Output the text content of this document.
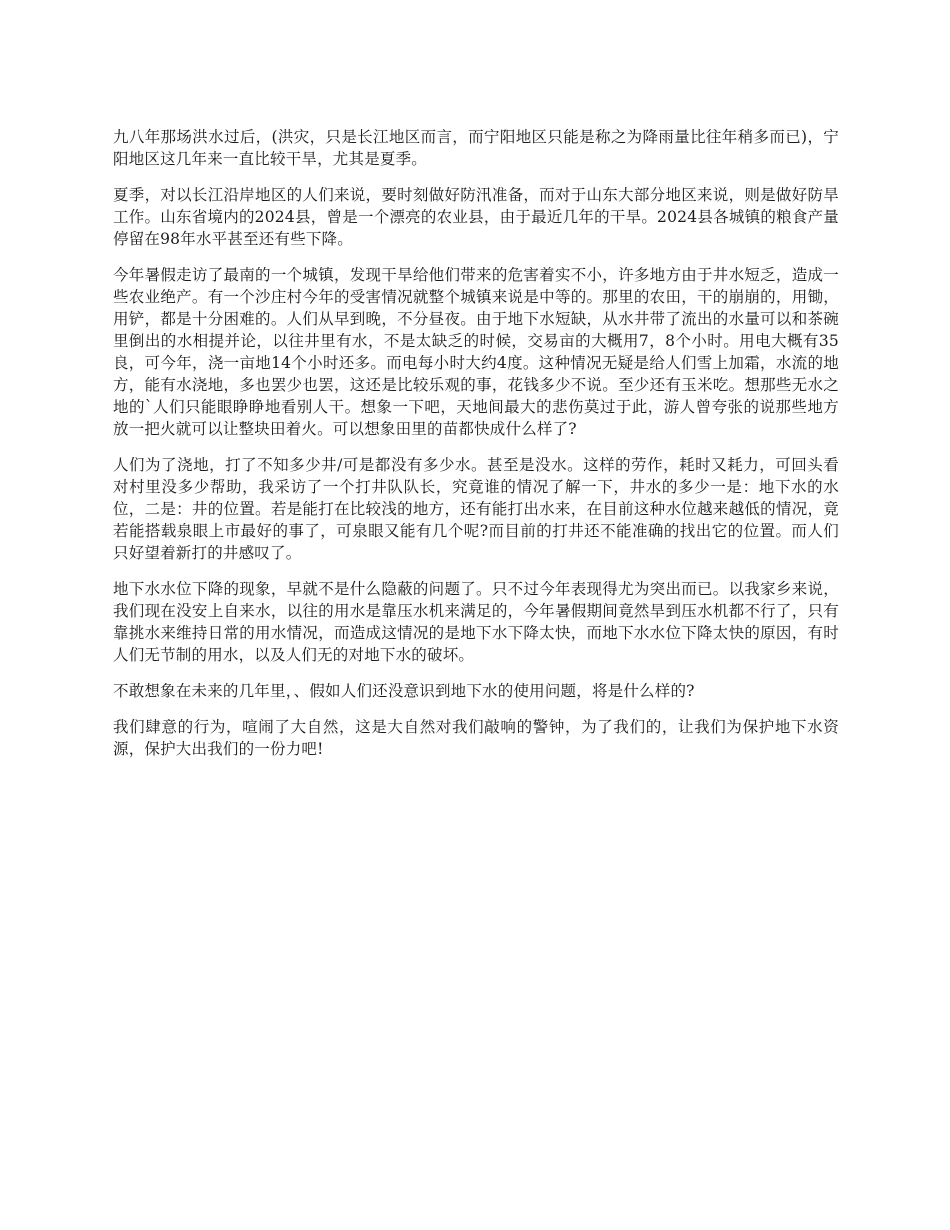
九八年那场洪水过后，(洪灾，只是长江地区而言，而宁阳地区只能是称之为降雨量比往年稍多而已)，宁阳地区这几年来一直比较干旱，尤其是夏季。

夏季，对以长江沿岸地区的人们来说，要时刻做好防汛准备，而对于山东大部分地区来说，则是做好防旱工作。山东省境内的2024县，曾是一个漂亮的农业县，由于最近几年的干旱。2024县各城镇的粮食产量停留在98年水平甚至还有些下降。

今年暑假走访了最南的一个城镇，发现干旱给他们带来的危害着实不小，许多地方由于井水短乏，造成一些农业绝产。有一个沙庄村今年的受害情况就整个城镇来说是中等的。那里的农田，干的崩崩的，用锄，用铲，都是十分困难的。人们从早到晚，不分昼夜。由于地下水短缺，从水井带了流出的水量可以和茶碗里倒出的水相提并论，以往井里有水，不是太缺乏的时候，交易亩的大概用7，8个小时。用电大概有35良，可今年，浇一亩地14个小时还多。而电每小时大约4度。这种情况无疑是给人们雪上加霜，水流的地方，能有水浇地，多也罢少也罢，这还是比较乐观的事，花钱多少不说。至少还有玉米吃。想那些无水之地的`人们只能眼睁睁地看别人干。想象一下吧，天地间最大的悲伤莫过于此，游人曾夸张的说那些地方放一把火就可以让整块田着火。可以想象田里的苗都快成什么样了?

人们为了浇地，打了不知多少井/可是都没有多少水。甚至是没水。这样的劳作，耗时又耗力，可回头看对村里没多少帮助，我采访了一个打井队队长，究竟谁的情况了解一下，井水的多少一是：地下水的水位，二是：井的位置。若是能打在比较浅的地方，还有能打出水来，在目前这种水位越来越低的情况，竟若能搭载泉眼上市最好的事了，可泉眼又能有几个呢?而目前的打井还不能准确的找出它的位置。而人们只好望着新打的井感叹了。

地下水水位下降的现象，早就不是什么隐蔽的问题了。只不过今年表现得尤为突出而已。以我家乡来说，我们现在没安上自来水，以往的用水是靠压水机来满足的，今年暑假期间竟然旱到压水机都不行了，只有靠挑水来维持日常的用水情况，而造成这情况的是地下水下降太快，而地下水水位下降太快的原因，有时人们无节制的用水，以及人们无的对地下水的破坏。

不敢想象在未来的几年里，、假如人们还没意识到地下水的使用问题，将是什么样的?

我们肆意的行为，喧闹了大自然，这是大自然对我们敲响的警钟，为了我们的，让我们为保护地下水资源，保护大出我们的一份力吧!
